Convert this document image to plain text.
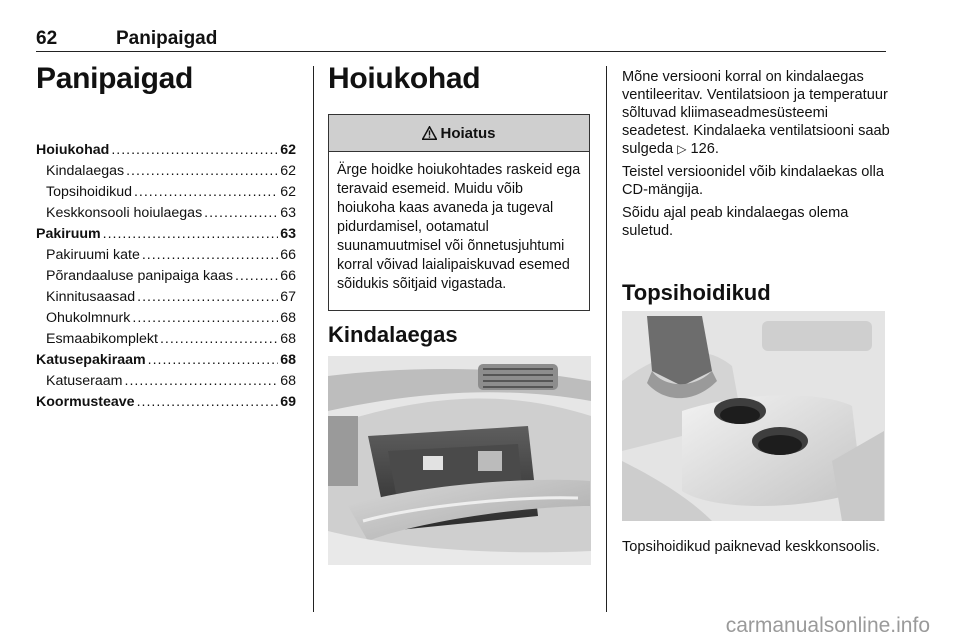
62	Panipaigad
Panipaigad
Hoiukohad .....	62
Kindalaegas .....	62
Topsihoidikud .....	62
Keskkonsooli hoiulaegas .....	63
Pakiruum .....	63
Pakiruumi kate .....	66
Põrandaaluse panipaiga kaas .....	66
Kinnitusaasad .....	67
Ohukolmnurk .....	68
Esmaabikomplekt .....	68
Katusepakiraam .....	68
Katuseraam .....	68
Koormusteave .....	69
Hoiukohad
Hoiatus
Ärge hoidke hoiukohtades raskeid ega teravaid esemeid. Muidu võib hoiukoha kaas avaneda ja tugeval pidurdamisel, ootamatul suunamuutmisel või õnnetusjuhtumi korral võivad laialipaiskuvad esemed sõidukis sõitjaid vigastada.
Kindalaegas

Mõne versiooni korral on kindalaegas ventileeritav. Ventilatsioon ja temperatuur sõltuvad kliimaseadmesüsteemi seadetest. Kindalaeka ventilatsiooni saab sulgeda ▷ 126.

Teistel versioonidel võib kindalaekas olla CD-mängija.

Sõidu ajal peab kindalaegas olema suletud.

Topsihoidikud
Topsihoidikud paiknevad keskkonsoolis.
carmanualsonline.info
